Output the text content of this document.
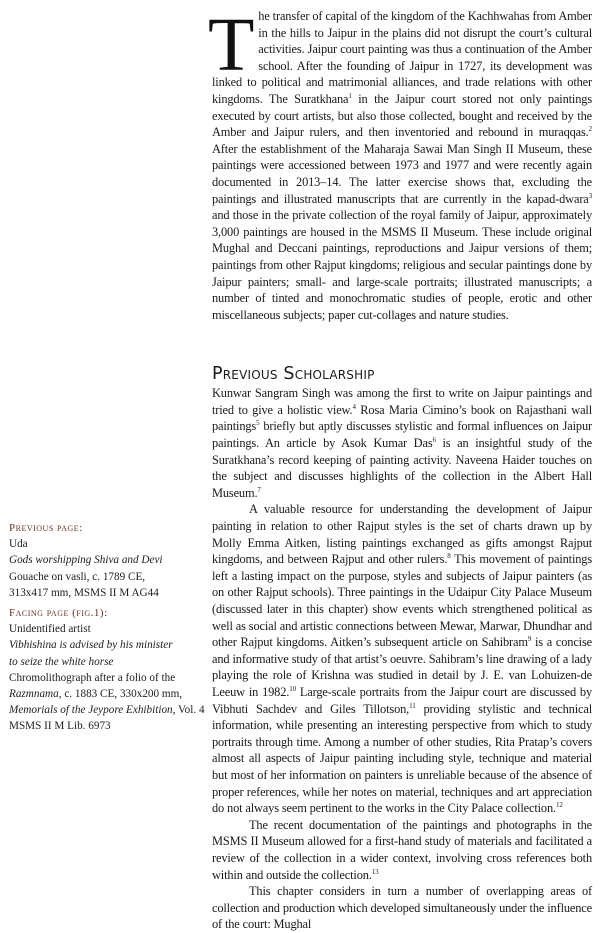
The transfer of capital of the kingdom of the Kachhwahas from Amber in the hills to Jaipur in the plains did not disrupt the court’s cultural activities. Jaipur court painting was thus a continuation of the Amber school. After the founding of Jaipur in 1727, its development was linked to political and matrimonial alliances, and trade relations with other kingdoms. The Suratkhana$^1$ in the Jaipur court stored not only paintings executed by court artists, but also those collected, bought and received by the Amber and Jaipur rulers, and then inventoried and rebound in muraqqas.$^2$ After the establishment of the Maharaja Sawai Man Singh II Museum, these paintings were accessioned between 1973 and 1977 and were recently again documented in 2013–14. The latter exercise shows that, excluding the paintings and illustrated manuscripts that are currently in the kapad-dwara$^3$ and those in the private collection of the royal family of Jaipur, approximately 3,000 paintings are housed in the MSMS II Museum. These include original Mughal and Deccani paintings, reproductions and Jaipur versions of them; paintings from other Rajput kingdoms; religious and secular paintings done by Jaipur painters; small- and large-scale portraits; illustrated manuscripts; a number of tinted and monochromatic studies of people, erotic and other miscellaneous subjects; paper cut-collages and nature studies.

Previous Scholarship

Kunwar Sangram Singh was among the first to write on Jaipur paintings and tried to give a holistic view.$^4$ Rosa Maria Cimino’s book on Rajasthani wall paintings$^5$ briefly but aptly discusses stylistic and formal influences on Jaipur paintings. An article by Asok Kumar Das$^6$ is an insightful study of the Suratkhana’s record keeping of painting activity. Naveena Haider touches on the subject and discusses highlights of the collection in the Albert Hall Museum.$^7$

A valuable resource for understanding the development of Jaipur painting in relation to other Rajput styles is the set of charts drawn up by Molly Emma Aitken, listing paintings exchanged as gifts amongst Rajput kingdoms, and between Rajput and other rulers.$^8$ This movement of paintings left a lasting impact on the purpose, styles and subjects of Jaipur painters (as on other Rajput schools). Three paintings in the Udaipur City Palace Museum (discussed later in this chapter) show events which strengthened political as well as social and artistic connections between Mewar, Marwar, Dhundhar and other Rajput kingdoms. Aitken’s subsequent article on Sahibram$^9$ is a concise and informative study of that artist’s oeuvre. Sahibram’s line drawing of a lady playing the role of Krishna was studied in detail by J. E. van Lohuizen-de Leeuw in 1982.10 Large-scale portraits from the Jaipur court are discussed by Vibhuti Sachdev and Giles Tillotson,$^{11}$ providing stylistic and technical information, while presenting an interesting perspective from which to study portraits through time. Among a number of other studies, Rita Pratap’s covers almost all aspects of Jaipur painting including style, technique and material but most of her information on painters is unreliable because of the absence of proper references, while her notes on material, techniques and art appreciation do not always seem pertinent to the works in the City Palace collection.$^{12}$

The recent documentation of the paintings and photographs in the MSMS II Museum allowed for a first-hand study of materials and facilitated a review of the collection in a wider context, involving cross references both within and outside the collection.$^{13}$

This chapter considers in turn a number of overlapping areas of collection and production which developed simultaneously under the influence of the court: Mughal

Previous page:
Uda
Gods worshipping Shiva and Devi
Gouache on vasli, c. 1789 CE,
313x417 mm, MSMS II M AG44
Facing page (fig.1):
Unidentified artist
Vibhishina is advised by his minister
to seize the white horse
Chromolithograph after a folio of the
Razmnama, c. 1883 CE, 330x200 mm,
Memorials of the Jeypore Exhibition, Vol. 4
MSMS II M Lib. 6973
